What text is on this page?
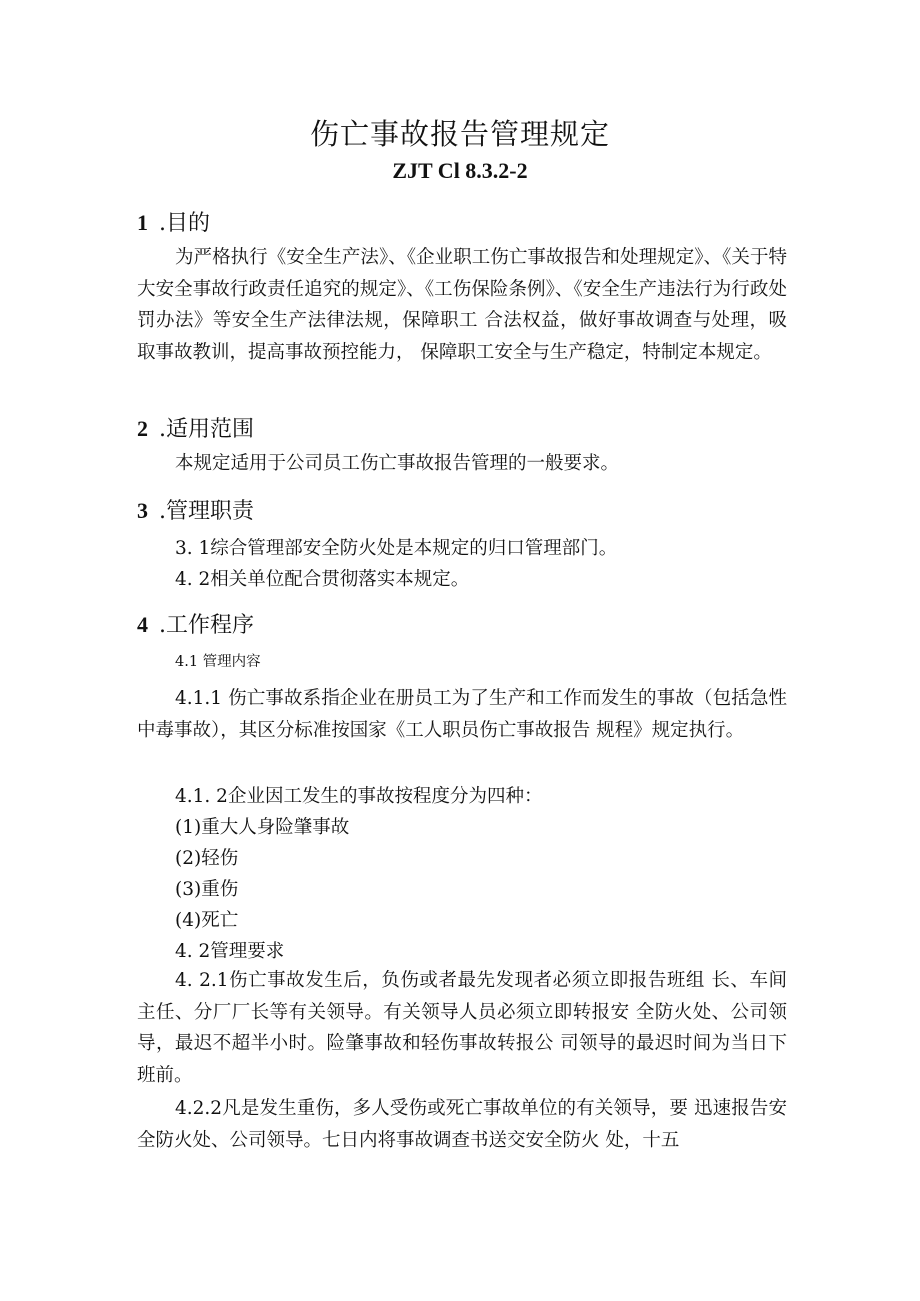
伤亡事故报告管理规定
ZJT Cl 8.3.2-2
1 .目的
为严格执行《安全生产法》、《企业职工伤亡事故报告和处理规定》、《关于特大安全事故行政责任追究的规定》、《工伤保险条例》、《安全生产违法行为行政处罚办法》等安全生产法律法规，保障职工 合法权益，做好事故调查与处理，吸取事故教训，提高事故预控能力， 保障职工安全与生产稳定，特制定本规定。
2 .适用范围
本规定适用于公司员工伤亡事故报告管理的一般要求。
3 .管理职责
3. 1综合管理部安全防火处是本规定的归口管理部门。
4. 2相关单位配合贯彻落实本规定。
4 .工作程序
4.1 管理内容
4.1.1 伤亡事故系指企业在册员工为了生产和工作而发生的事故（包括急性中毒事故），其区分标准按国家《工人职员伤亡事故报告 规程》规定执行。
4.1. 2企业因工发生的事故按程度分为四种：
(1)重大人身险肇事故
(2)轻伤
(3)重伤
(4)死亡
4. 2管理要求
4. 2.1伤亡事故发生后，负伤或者最先发现者必须立即报告班组 长、车间主任、分厂厂长等有关领导。有关领导人员必须立即转报安 全防火处、公司领导，最迟不超半小时。险肇事故和轻伤事故转报公 司领导的最迟时间为当日下班前。
4.2.2凡是发生重伤，多人受伤或死亡事故单位的有关领导，要 迅速报告安全防火处、公司领导。七日内将事故调查书送交安全防火 处，十五
